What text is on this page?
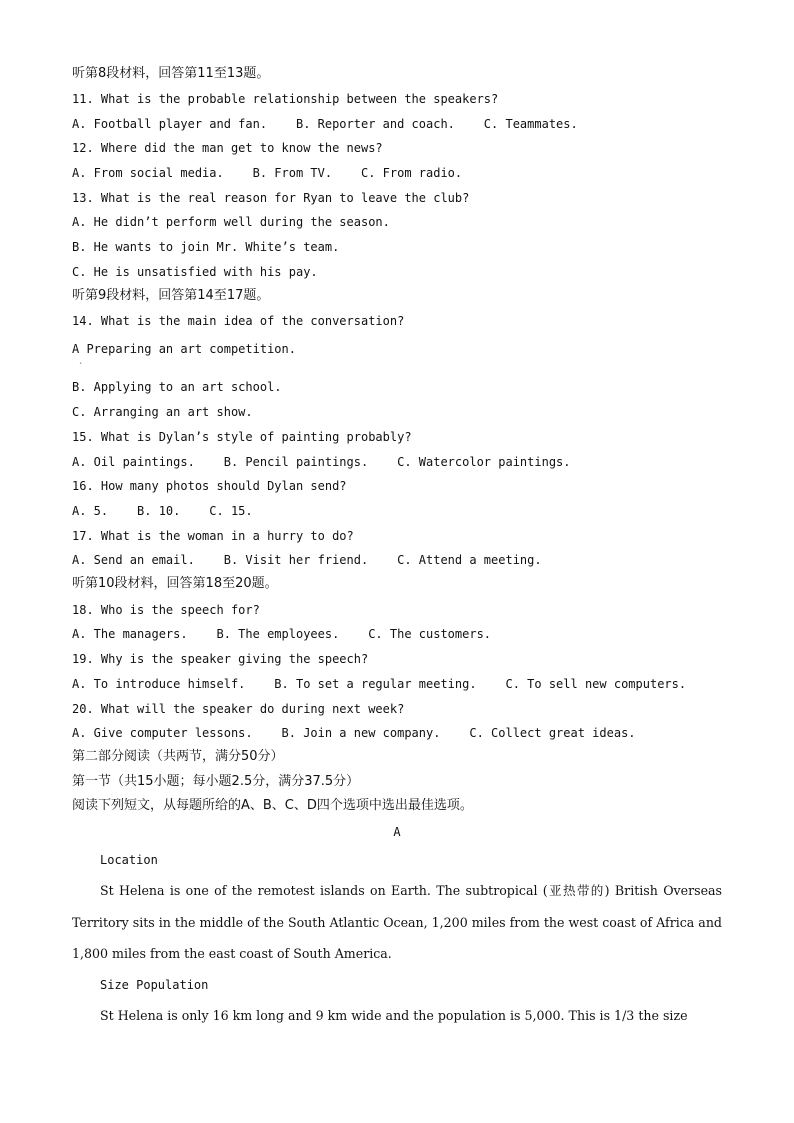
听第8段材料，回答第11至13题。
11. What is the probable relationship between the speakers?
A. Football player and fan.    B. Reporter and coach.    C. Teammates.
12. Where did the man get to know the news?
A. From social media.    B. From TV.    C. From radio.
13. What is the real reason for Ryan to leave the club?
A. He didn’t perform well during the season.
B. He wants to join Mr. White’s team.
C. He is unsatisfied with his pay.
听第9段材料，回答第14至17题。
14. What is the main idea of the conversation?
A Preparing an art competition.
ˋ
B. Applying to an art school.
C. Arranging an art show.
15. What is Dylan’s style of painting probably?
A. Oil paintings.    B. Pencil paintings.    C. Watercolor paintings.
16. How many photos should Dylan send?
A. 5.    B. 10.    C. 15.
17. What is the woman in a hurry to do?
A. Send an email.    B. Visit her friend.    C. Attend a meeting.
听第10段材料，回答第18至20题。
18. Who is the speech for?
A. The managers.    B. The employees.    C. The customers.
19. Why is the speaker giving the speech?
A. To introduce himself.    B. To set a regular meeting.    C. To sell new computers.
20. What will the speaker do during next week?
A. Give computer lessons.    B. Join a new company.    C. Collect great ideas.
第二部分阅读（共两节，满分50分）
第一节（共15小题；每小题2.5分，满分37.5分）
阅读下列短文，从每题所给的A、B、C、D四个选项中选出最佳选项。
A
Location
St Helena is one of the remotest islands on Earth. The subtropical (亚热带的) British Overseas Territory sits in the middle of the South Atlantic Ocean, 1,200 miles from the west coast of Africa and 1,800 miles from the east coast of South America.
Size Population
St Helena is only 16 km long and 9 km wide and the population is 5,000. This is 1/3 the size
